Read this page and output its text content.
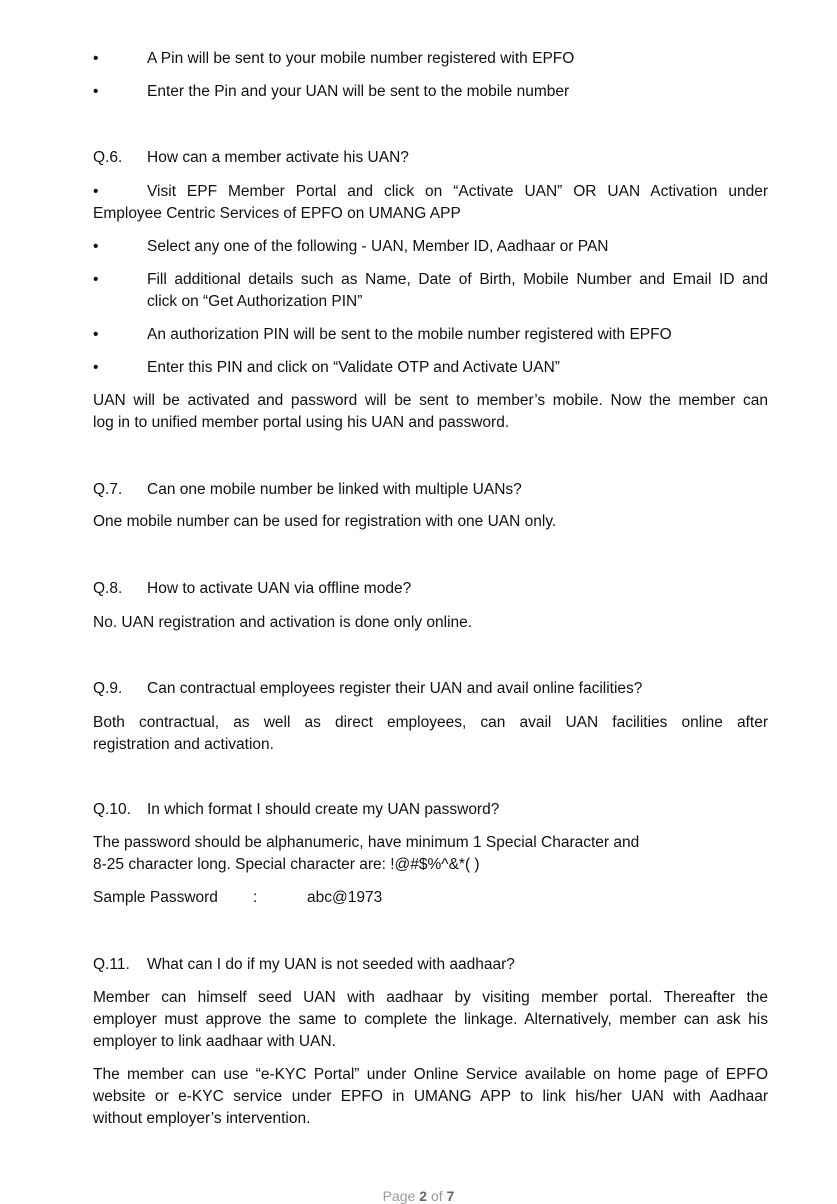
•	A Pin will be sent to your mobile number registered with EPFO
•	Enter the Pin and your UAN will be sent to the mobile number
Q.6. How can a member activate his UAN?
•	Visit EPF Member Portal and click on “Activate UAN” OR UAN Activation under
Employee Centric Services of EPFO on UMANG APP
•	Select any one of the following - UAN, Member ID, Aadhaar or PAN
•	Fill additional details such as Name, Date of Birth, Mobile Number and Email ID and
click on “Get Authorization PIN”
•	An authorization PIN will be sent to the mobile number registered with EPFO
•	Enter this PIN and click on “Validate OTP and Activate UAN”
UAN will be activated and password will be sent to member’s mobile. Now the member can
log in to unified member portal using his UAN and password.
Q.7. Can one mobile number be linked with multiple UANs?
One mobile number can be used for registration with one UAN only.
Q.8. How to activate UAN via offline mode?
No. UAN registration and activation is done only online.
Q.9. Can contractual employees register their UAN and avail online facilities?
Both contractual, as well as direct employees, can avail UAN facilities online after
registration and activation.
Q.10. In which format I should create my UAN password?
The password should be alphanumeric, have minimum 1 Special Character and
8-25 character long. Special character are: !@#$%^&*( )
Sample Password :	abc@1973
Q.11. What can I do if my UAN is not seeded with aadhaar?
Member can himself seed UAN with aadhaar by visiting member portal. Thereafter the
employer must approve the same to complete the linkage. Alternatively, member can ask his
employer to link aadhaar with UAN.
The member can use “e-KYC Portal” under Online Service available on home page of EPFO
website or e-KYC service under EPFO in UMANG APP to link his/her UAN with Aadhaar
without employer’s intervention.
Page 2 of 7
